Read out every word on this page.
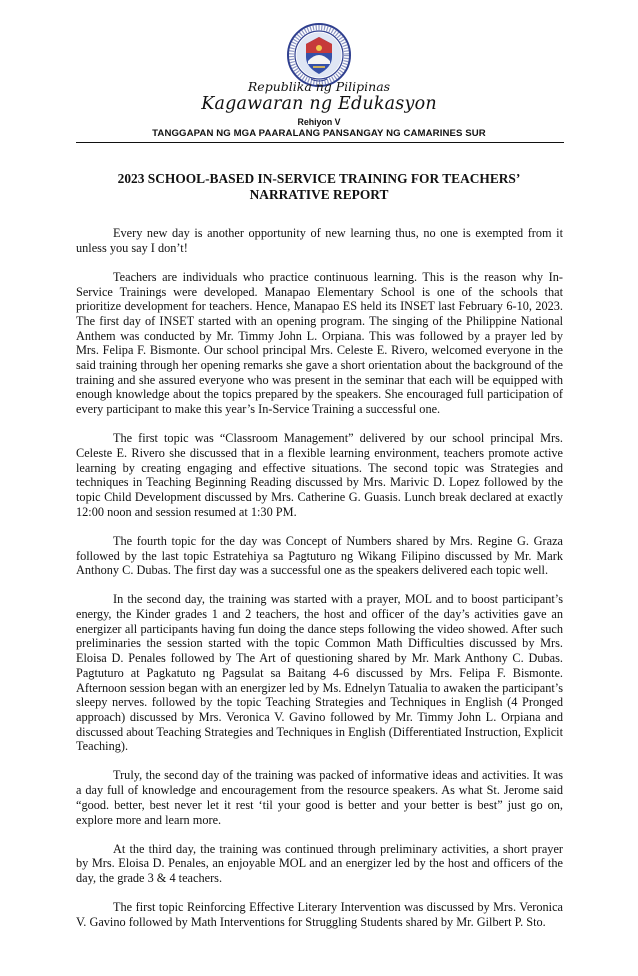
Republika ng Pilipinas
Kagawaran ng Edukasyon
Rehiyon V
TANGGAPAN NG MGA PAARALANG PANSANGAY NG CAMARINES SUR
2023 SCHOOL-BASED IN-SERVICE TRAINING FOR TEACHERS’
NARRATIVE REPORT

Every new day is another opportunity of new learning thus, no one is exempted from it unless you say I don’t!

Teachers are individuals who practice continuous learning. This is the reason why In-Service Trainings were developed. Manapao Elementary School is one of the schools that prioritize development for teachers. Hence, Manapao ES held its INSET last February 6-10, 2023. The first day of INSET started with an opening program. The singing of the Philippine National Anthem was conducted by Mr. Timmy John L. Orpiana. This was followed by a prayer led by Mrs. Felipa F. Bismonte. Our school principal Mrs. Celeste E. Rivero, welcomed everyone in the said training through her opening remarks she gave a short orientation about the background of the training and she assured everyone who was present in the seminar that each will be equipped with enough knowledge about the topics prepared by the speakers. She encouraged full participation of every participant to make this year’s In-Service Training a successful one.

The first topic was “Classroom Management” delivered by our school principal Mrs. Celeste E. Rivero she discussed that in a flexible learning environment, teachers promote active learning by creating engaging and effective situations. The second topic was Strategies and techniques in Teaching Beginning Reading discussed by Mrs. Marivic D. Lopez followed by the topic Child Development discussed by Mrs. Catherine G. Guasis. Lunch break declared at exactly 12:00 noon and session resumed at 1:30 PM.

The fourth topic for the day was Concept of Numbers shared by Mrs. Regine G. Graza followed by the last topic Estratehiya sa Pagtuturo ng Wikang Filipino discussed by Mr. Mark Anthony C. Dubas. The first day was a successful one as the speakers delivered each topic well.

In the second day, the training was started with a prayer, MOL and to boost participant’s energy, the Kinder grades 1 and 2 teachers, the host and officer of the day’s activities gave an energizer all participants having fun doing the dance steps following the video showed. After such preliminaries the session started with the topic Common Math Difficulties discussed by Mrs. Eloisa D. Penales followed by The Art of questioning shared by Mr. Mark Anthony C. Dubas. Pagtuturo at Pagkatuto ng Pagsulat sa Baitang 4-6 discussed by Mrs. Felipa F. Bismonte. Afternoon session began with an energizer led by Ms. Ednelyn Tatualia to awaken the participant’s sleepy nerves. followed by the topic Teaching Strategies and Techniques in English (4 Pronged approach) discussed by Mrs. Veronica V. Gavino followed by Mr. Timmy John L. Orpiana and discussed about Teaching Strategies and Techniques in English (Differentiated Instruction, Explicit Teaching).

Truly, the second day of the training was packed of informative ideas and activities. It was a day full of knowledge and encouragement from the resource speakers. As what St. Jerome said “good. better, best never let it rest ‘til your good is better and your better is best” just go on, explore more and learn more.

At the third day, the training was continued through preliminary activities, a short prayer by Mrs. Eloisa D. Penales, an enjoyable MOL and an energizer led by the host and officers of the day, the grade 3 & 4 teachers.

The first topic Reinforcing Effective Literary Intervention was discussed by Mrs. Veronica V. Gavino followed by Math Interventions for Struggling Students shared by Mr. Gilbert P. Sto.
